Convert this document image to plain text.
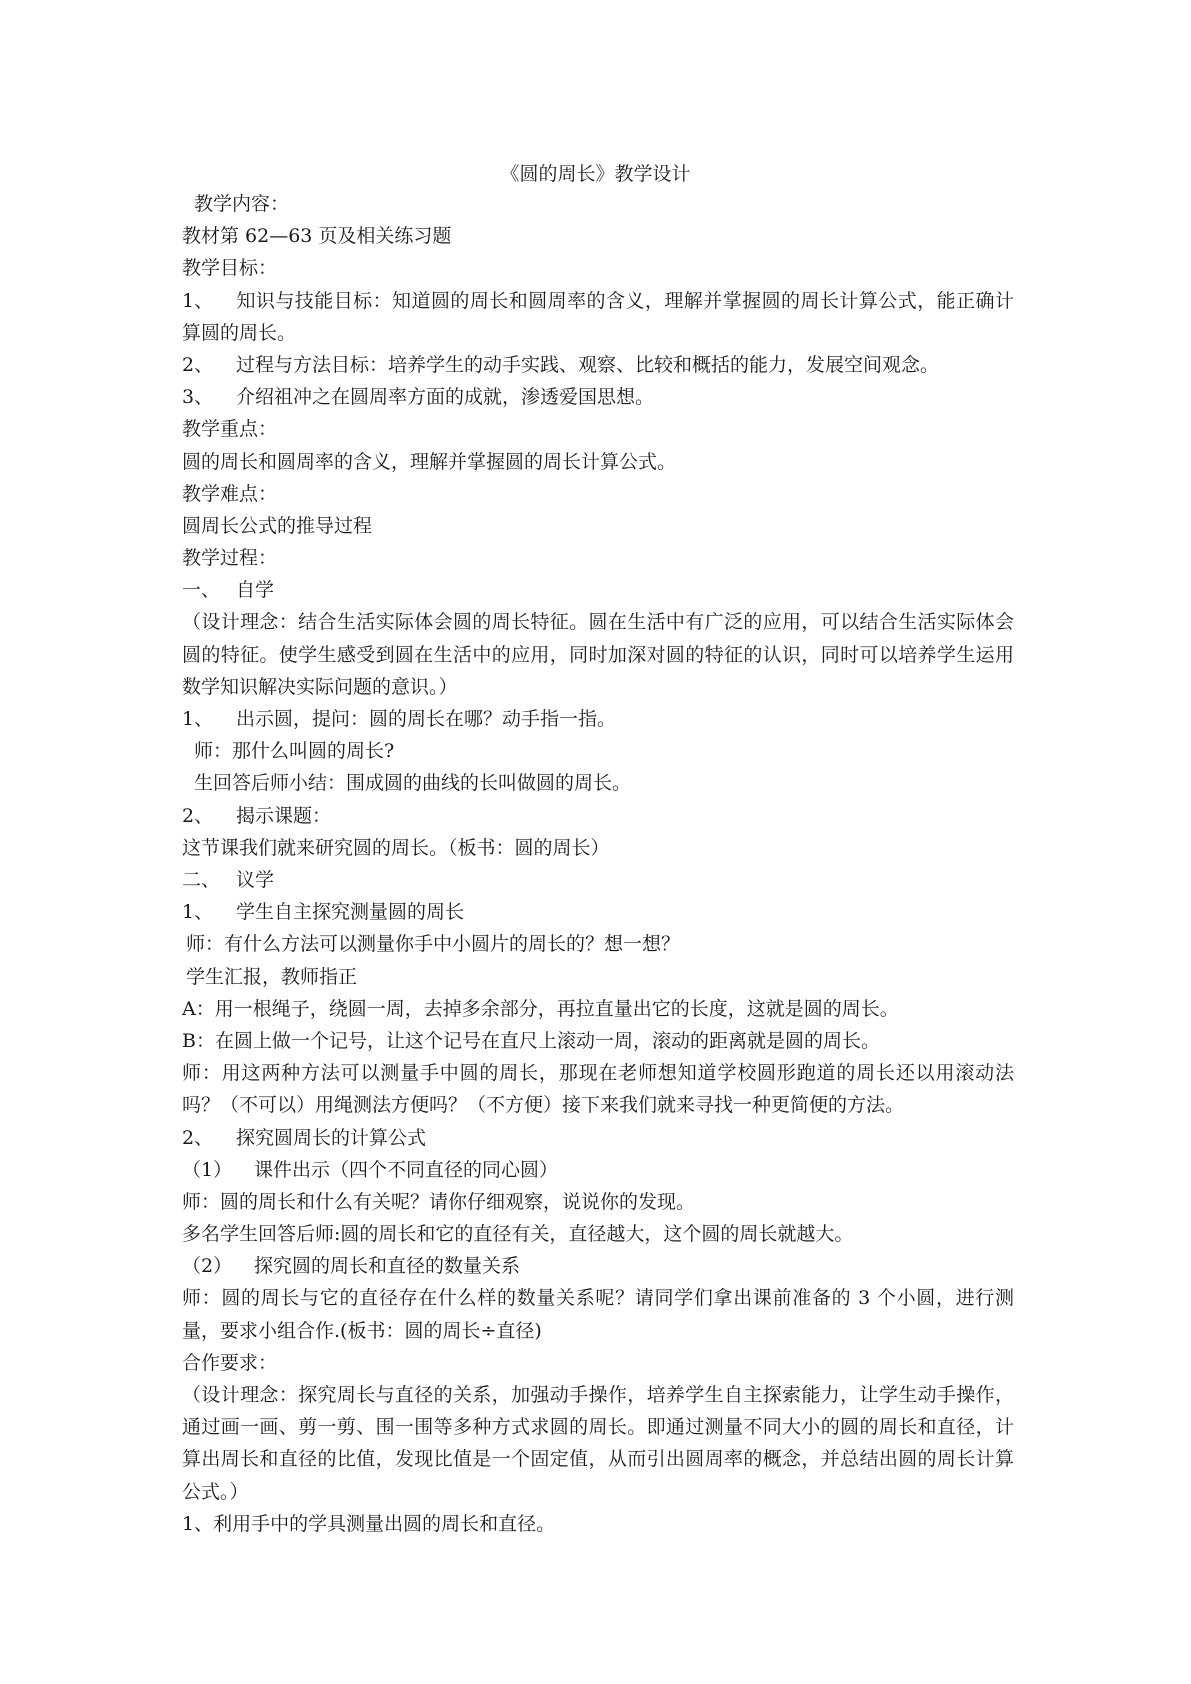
《圆的周长》教学设计
教学内容：
教材第 62—63 页及相关练习题
教学目标：
1、 知识与技能目标：知道圆的周长和圆周率的含义，理解并掌握圆的周长计算公式，能正确计算圆的周长。
2、 过程与方法目标：培养学生的动手实践、观察、比较和概括的能力，发展空间观念。
3、 介绍祖冲之在圆周率方面的成就，渗透爱国思想。
教学重点：
圆的周长和圆周率的含义，理解并掌握圆的周长计算公式。
教学难点：
圆周长公式的推导过程
教学过程：
一、 自学
（设计理念：结合生活实际体会圆的周长特征。圆在生活中有广泛的应用，可以结合生活实际体会圆的特征。使学生感受到圆在生活中的应用，同时加深对圆的特征的认识，同时可以培养学生运用数学知识解决实际问题的意识。）
1、 出示圆，提问：圆的周长在哪？动手指一指。
师：那什么叫圆的周长?
生回答后师小结：围成圆的曲线的长叫做圆的周长。
2、 揭示课题：
这节课我们就来研究圆的周长。（板书：圆的周长）
二、 议学
1、 学生自主探究测量圆的周长
师：有什么方法可以测量你手中小圆片的周长的？想一想？
学生汇报，教师指正
A：用一根绳子，绕圆一周，去掉多余部分，再拉直量出它的长度，这就是圆的周长。
B：在圆上做一个记号，让这个记号在直尺上滚动一周，滚动的距离就是圆的周长。
师：用这两种方法可以测量手中圆的周长，那现在老师想知道学校圆形跑道的周长还以用滚动法吗？（不可以）用绳测法方便吗？（不方便）接下来我们就来寻找一种更简便的方法。
2、 探究圆周长的计算公式
（1） 课件出示（四个不同直径的同心圆）
师：圆的周长和什么有关呢？请你仔细观察，说说你的发现。
多名学生回答后师:圆的周长和它的直径有关，直径越大，这个圆的周长就越大。
（2） 探究圆的周长和直径的数量关系
师：圆的周长与它的直径存在什么样的数量关系呢？请同学们拿出课前准备的 3 个小圆，进行测量，要求小组合作.(板书：圆的周长÷直径)
合作要求：
（设计理念：探究周长与直径的关系，加强动手操作，培养学生自主探索能力，让学生动手操作，通过画一画、剪一剪、围一围等多种方式求圆的周长。即通过测量不同大小的圆的周长和直径，计算出周长和直径的比值，发现比值是一个固定值，从而引出圆周率的概念，并总结出圆的周长计算公式。）
1、利用手中的学具测量出圆的周长和直径。
